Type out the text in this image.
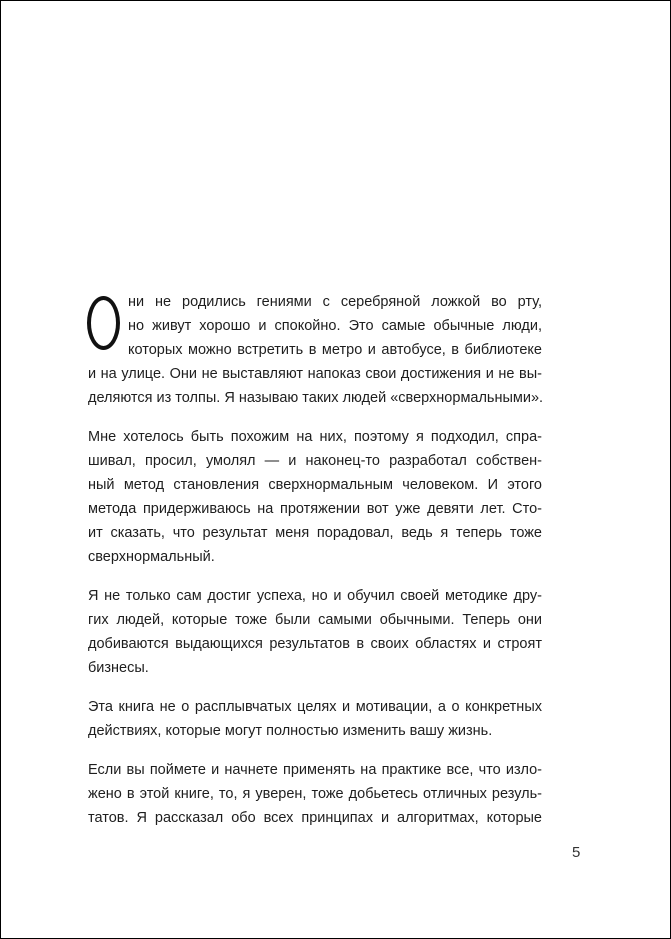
ни не родились гениями с серебряной ложкой во рту,
но живут хорошо и спокойно. Это самые обычные люди,
которых можно встретить в метро и автобусе, в библиотеке
и на улице. Они не выставляют напоказ свои достижения и не вы-
деляются из толпы. Я называю таких людей «сверхнормальными».
Мне хотелось быть похожим на них, поэтому я подходил, спра-
шивал, просил, умолял — и наконец-то разработал собствен-
ный метод становления сверхнормальным человеком. И этого
метода придерживаюсь на протяжении вот уже девяти лет. Сто-
ит сказать, что результат меня порадовал, ведь я теперь тоже
сверхнормальный.
Я не только сам достиг успеха, но и обучил своей методике дру-
гих людей, которые тоже были самыми обычными. Теперь они
добиваются выдающихся результатов в своих областях и строят
бизнесы.
Эта книга не о расплывчатых целях и мотивации, а о конкретных
действиях, которые могут полностью изменить вашу жизнь.
Если вы поймете и начнете применять на практике все, что изло-
жено в этой книге, то, я уверен, тоже добьетесь отличных резуль-
татов. Я рассказал обо всех принципах и алгоритмах, которые
5
